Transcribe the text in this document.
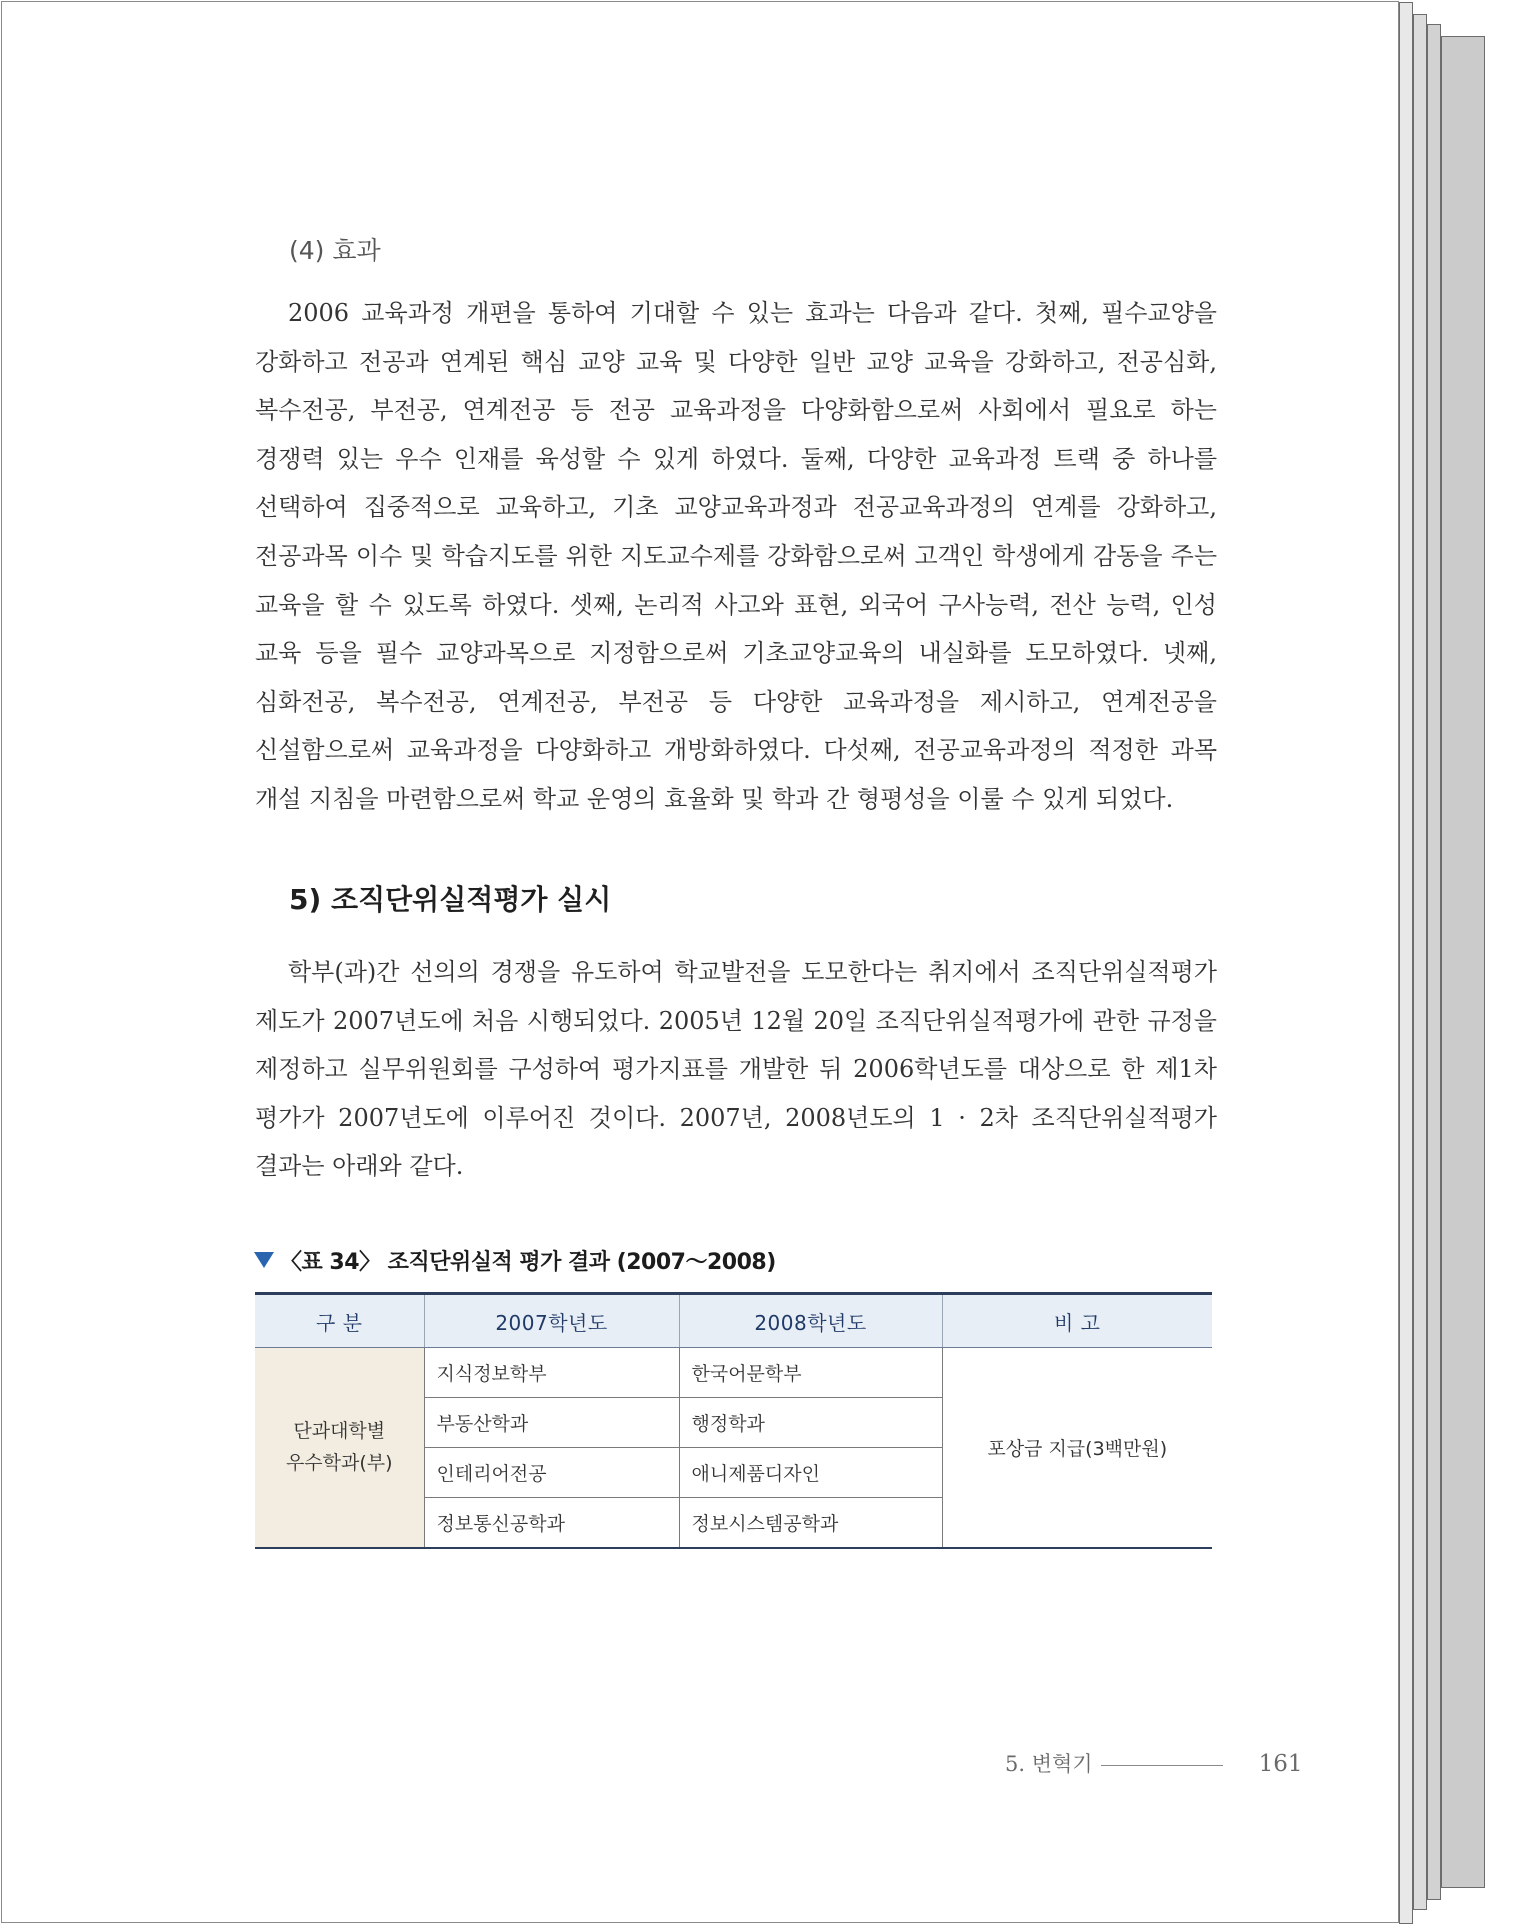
(4) 효과

2006 교육과정 개편을 통하여 기대할 수 있는 효과는 다음과 같다. 첫째, 필수교양을 강화하고 전공과 연계된 핵심 교양 교육 및 다양한 일반 교양 교육을 강화하고, 전공심화, 복수전공, 부전공, 연계전공 등 전공 교육과정을 다양화함으로써 사회에서 필요로 하는 경쟁력 있는 우수 인재를 육성할 수 있게 하였다. 둘째, 다양한 교육과정 트랙 중 하나를 선택하여 집중적으로 교육하고, 기초 교양교육과정과 전공교육과정의 연계를 강화하고, 전공과목 이수 및 학습지도를 위한 지도교수제를 강화함으로써 고객인 학생에게 감동을 주는 교육을 할 수 있도록 하였다. 셋째, 논리적 사고와 표현, 외국어 구사능력, 전산 능력, 인성 교육 등을 필수 교양과목으로 지정함으로써 기초교양교육의 내실화를 도모하였다. 넷째, 심화전공, 복수전공, 연계전공, 부전공 등 다양한 교육과정을 제시하고, 연계전공을 신설함으로써 교육과정을 다양화하고 개방화하였다. 다섯째, 전공교육과정의 적정한 과목 개설 지침을 마련함으로써 학교 운영의 효율화 및 학과 간 형평성을 이룰 수 있게 되었다.

5) 조직단위실적평가 실시

학부(과)간 선의의 경쟁을 유도하여 학교발전을 도모한다는 취지에서 조직단위실적평가 제도가 2007년도에 처음 시행되었다. 2005년 12월 20일 조직단위실적평가에 관한 규정을 제정하고 실무위원회를 구성하여 평가지표를 개발한 뒤 2006학년도를 대상으로 한 제1차 평가가 2007년도에 이루어진 것이다. 2007년, 2008년도의 1 · 2차 조직단위실적평가 결과는 아래와 같다.

〈표 34〉 조직단위실적 평가 결과 (2007～2008)
구 분	2007학년도	2008학년도	비 고
단과대학별
우수학과(부)	지식정보학부	한국어문학부	포상금 지급(3백만원)
	부동산학과	행정학과	
	인테리어전공	애니제품디자인	
	정보통신공학과	정보시스템공학과	
5. 변혁기	161
